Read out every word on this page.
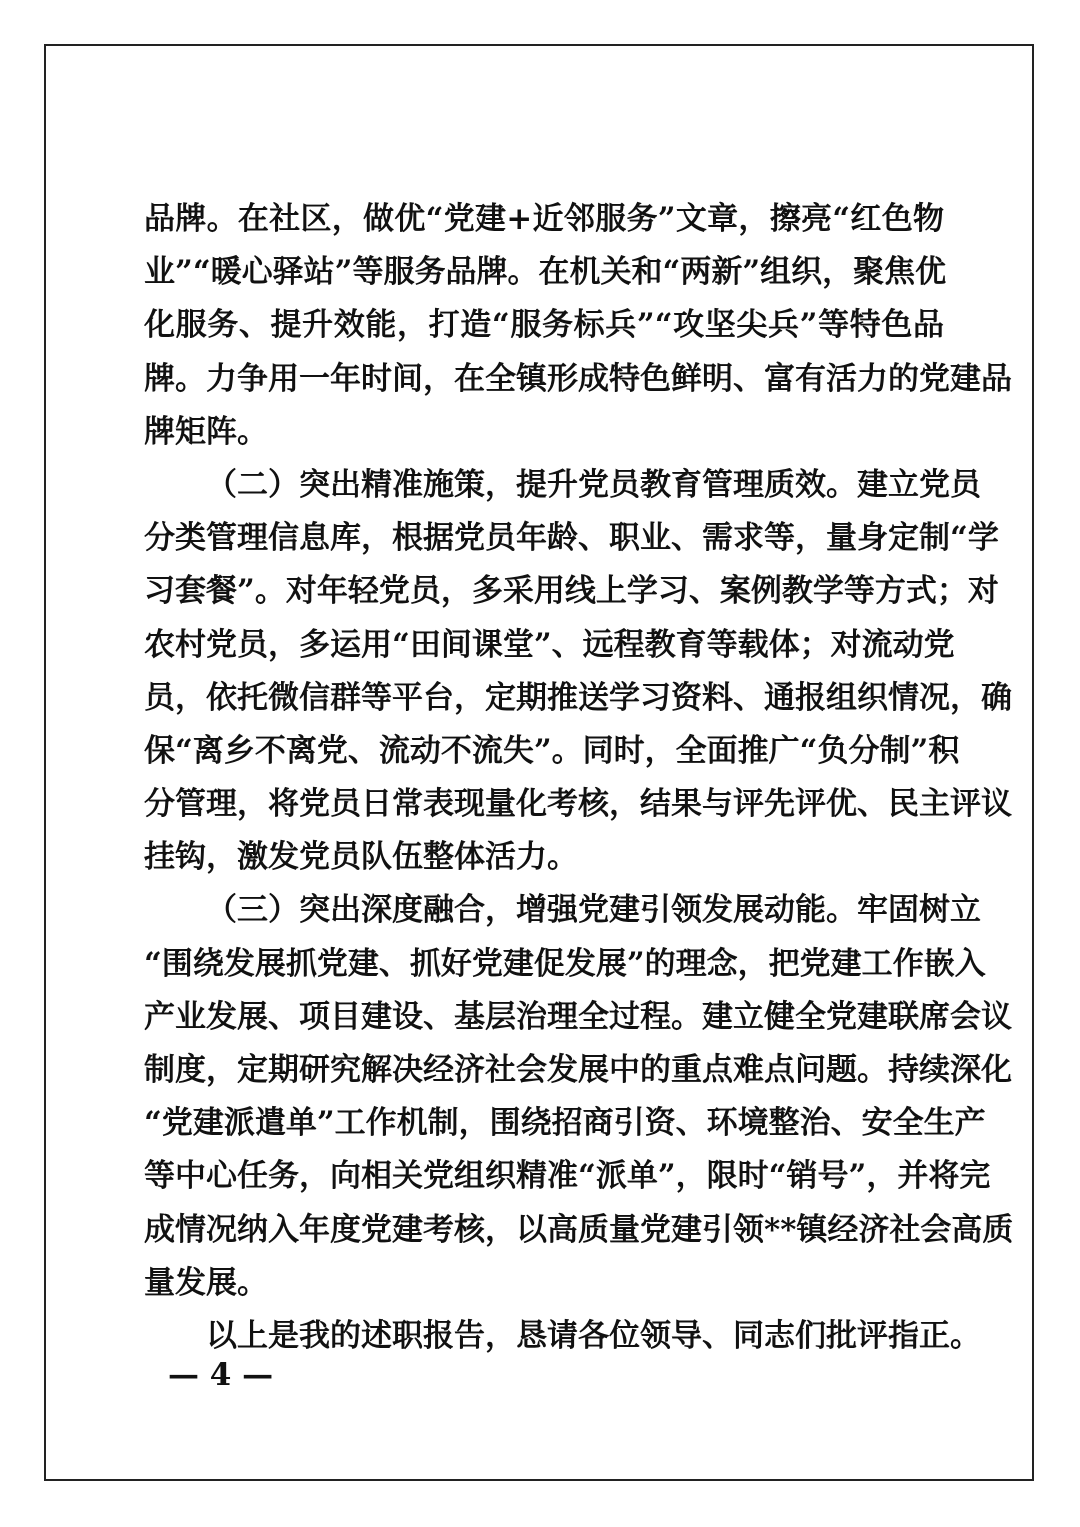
品牌。在社区，做优“党建+近邻服务”文章，擦亮“红色物
业”“暖心驿站”等服务品牌。在机关和“两新”组织，聚焦优
化服务、提升效能，打造“服务标兵”“攻坚尖兵”等特色品
牌。力争用一年时间，在全镇形成特色鲜明、富有活力的党建品
牌矩阵。
（二）突出精准施策，提升党员教育管理质效。建立党员
分类管理信息库，根据党员年龄、职业、需求等，量身定制“学
习套餐”。对年轻党员，多采用线上学习、案例教学等方式；对
农村党员，多运用“田间课堂”、远程教育等载体；对流动党
员，依托微信群等平台，定期推送学习资料、通报组织情况，确
保“离乡不离党、流动不流失”。同时，全面推广“负分制”积
分管理，将党员日常表现量化考核，结果与评先评优、民主评议
挂钩，激发党员队伍整体活力。
（三）突出深度融合，增强党建引领发展动能。牢固树立
“围绕发展抓党建、抓好党建促发展”的理念，把党建工作嵌入
产业发展、项目建设、基层治理全过程。建立健全党建联席会议
制度，定期研究解决经济社会发展中的重点难点问题。持续深化
“党建派遣单”工作机制，围绕招商引资、环境整治、安全生产
等中心任务，向相关党组织精准“派单”，限时“销号”，并将完
成情况纳入年度党建考核，以高质量党建引领**镇经济社会高质
量发展。
以上是我的述职报告，恳请各位领导、同志们批评指正。
— 4 —
